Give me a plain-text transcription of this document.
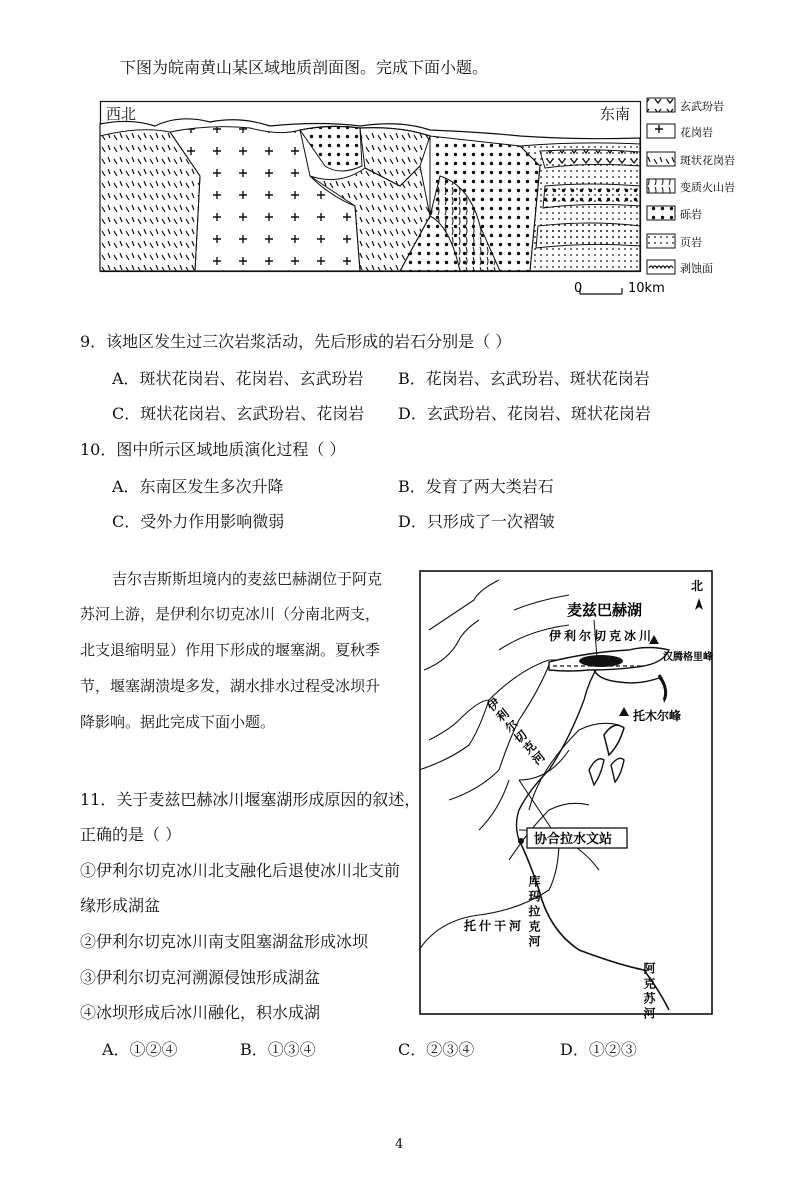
下图为皖南黄山某区域地质剖面图。完成下面小题。
西北	东南	玄武玢岩
花岗岩
斑状花岗岩
变质火山岩
砾岩
页岩
剥蚀面
0	10km
9．该地区发生过三次岩浆活动，先后形成的岩石分别是（ ）
A．斑状花岗岩、花岗岩、玄武玢岩 B．花岗岩、玄武玢岩、斑状花岗岩
C．斑状花岗岩、玄武玢岩、花岗岩 D．玄武玢岩、花岗岩、斑状花岗岩
10．图中所示区域地质演化过程（ ）
A．东南区发生多次升降	B．发育了两大类岩石
C．受外力作用影响微弱	D．只形成了一次褶皱
吉尔吉斯斯坦境内的麦兹巴赫湖位于阿克
苏河上游，是伊利尔切克冰川（分南北两支，
北支退缩明显）作用下形成的堰塞湖。夏秋季
节，堰塞湖溃堤多发，湖水排水过程受冰坝升
降影响。据此完成下面小题。
协合拉水文站
北
麦兹巴赫湖
伊利尔切克冰川
汉腾格里峰
托木尔峰
伊利尔切克河
库玛拉克河
托什干河
阿克苏河
11．关于麦兹巴赫冰川堰塞湖形成原因的叙述，
正确的是（ ）
①伊利尔切克冰川北支融化后退使冰川北支前
缘形成湖盆
②伊利尔切克冰川南支阻塞湖盆形成冰坝
③伊利尔切克河溯源侵蚀形成湖盆
④冰坝形成后冰川融化，积水成湖
A．①②④	B．①③④	C．②③④	D．①②③
4
